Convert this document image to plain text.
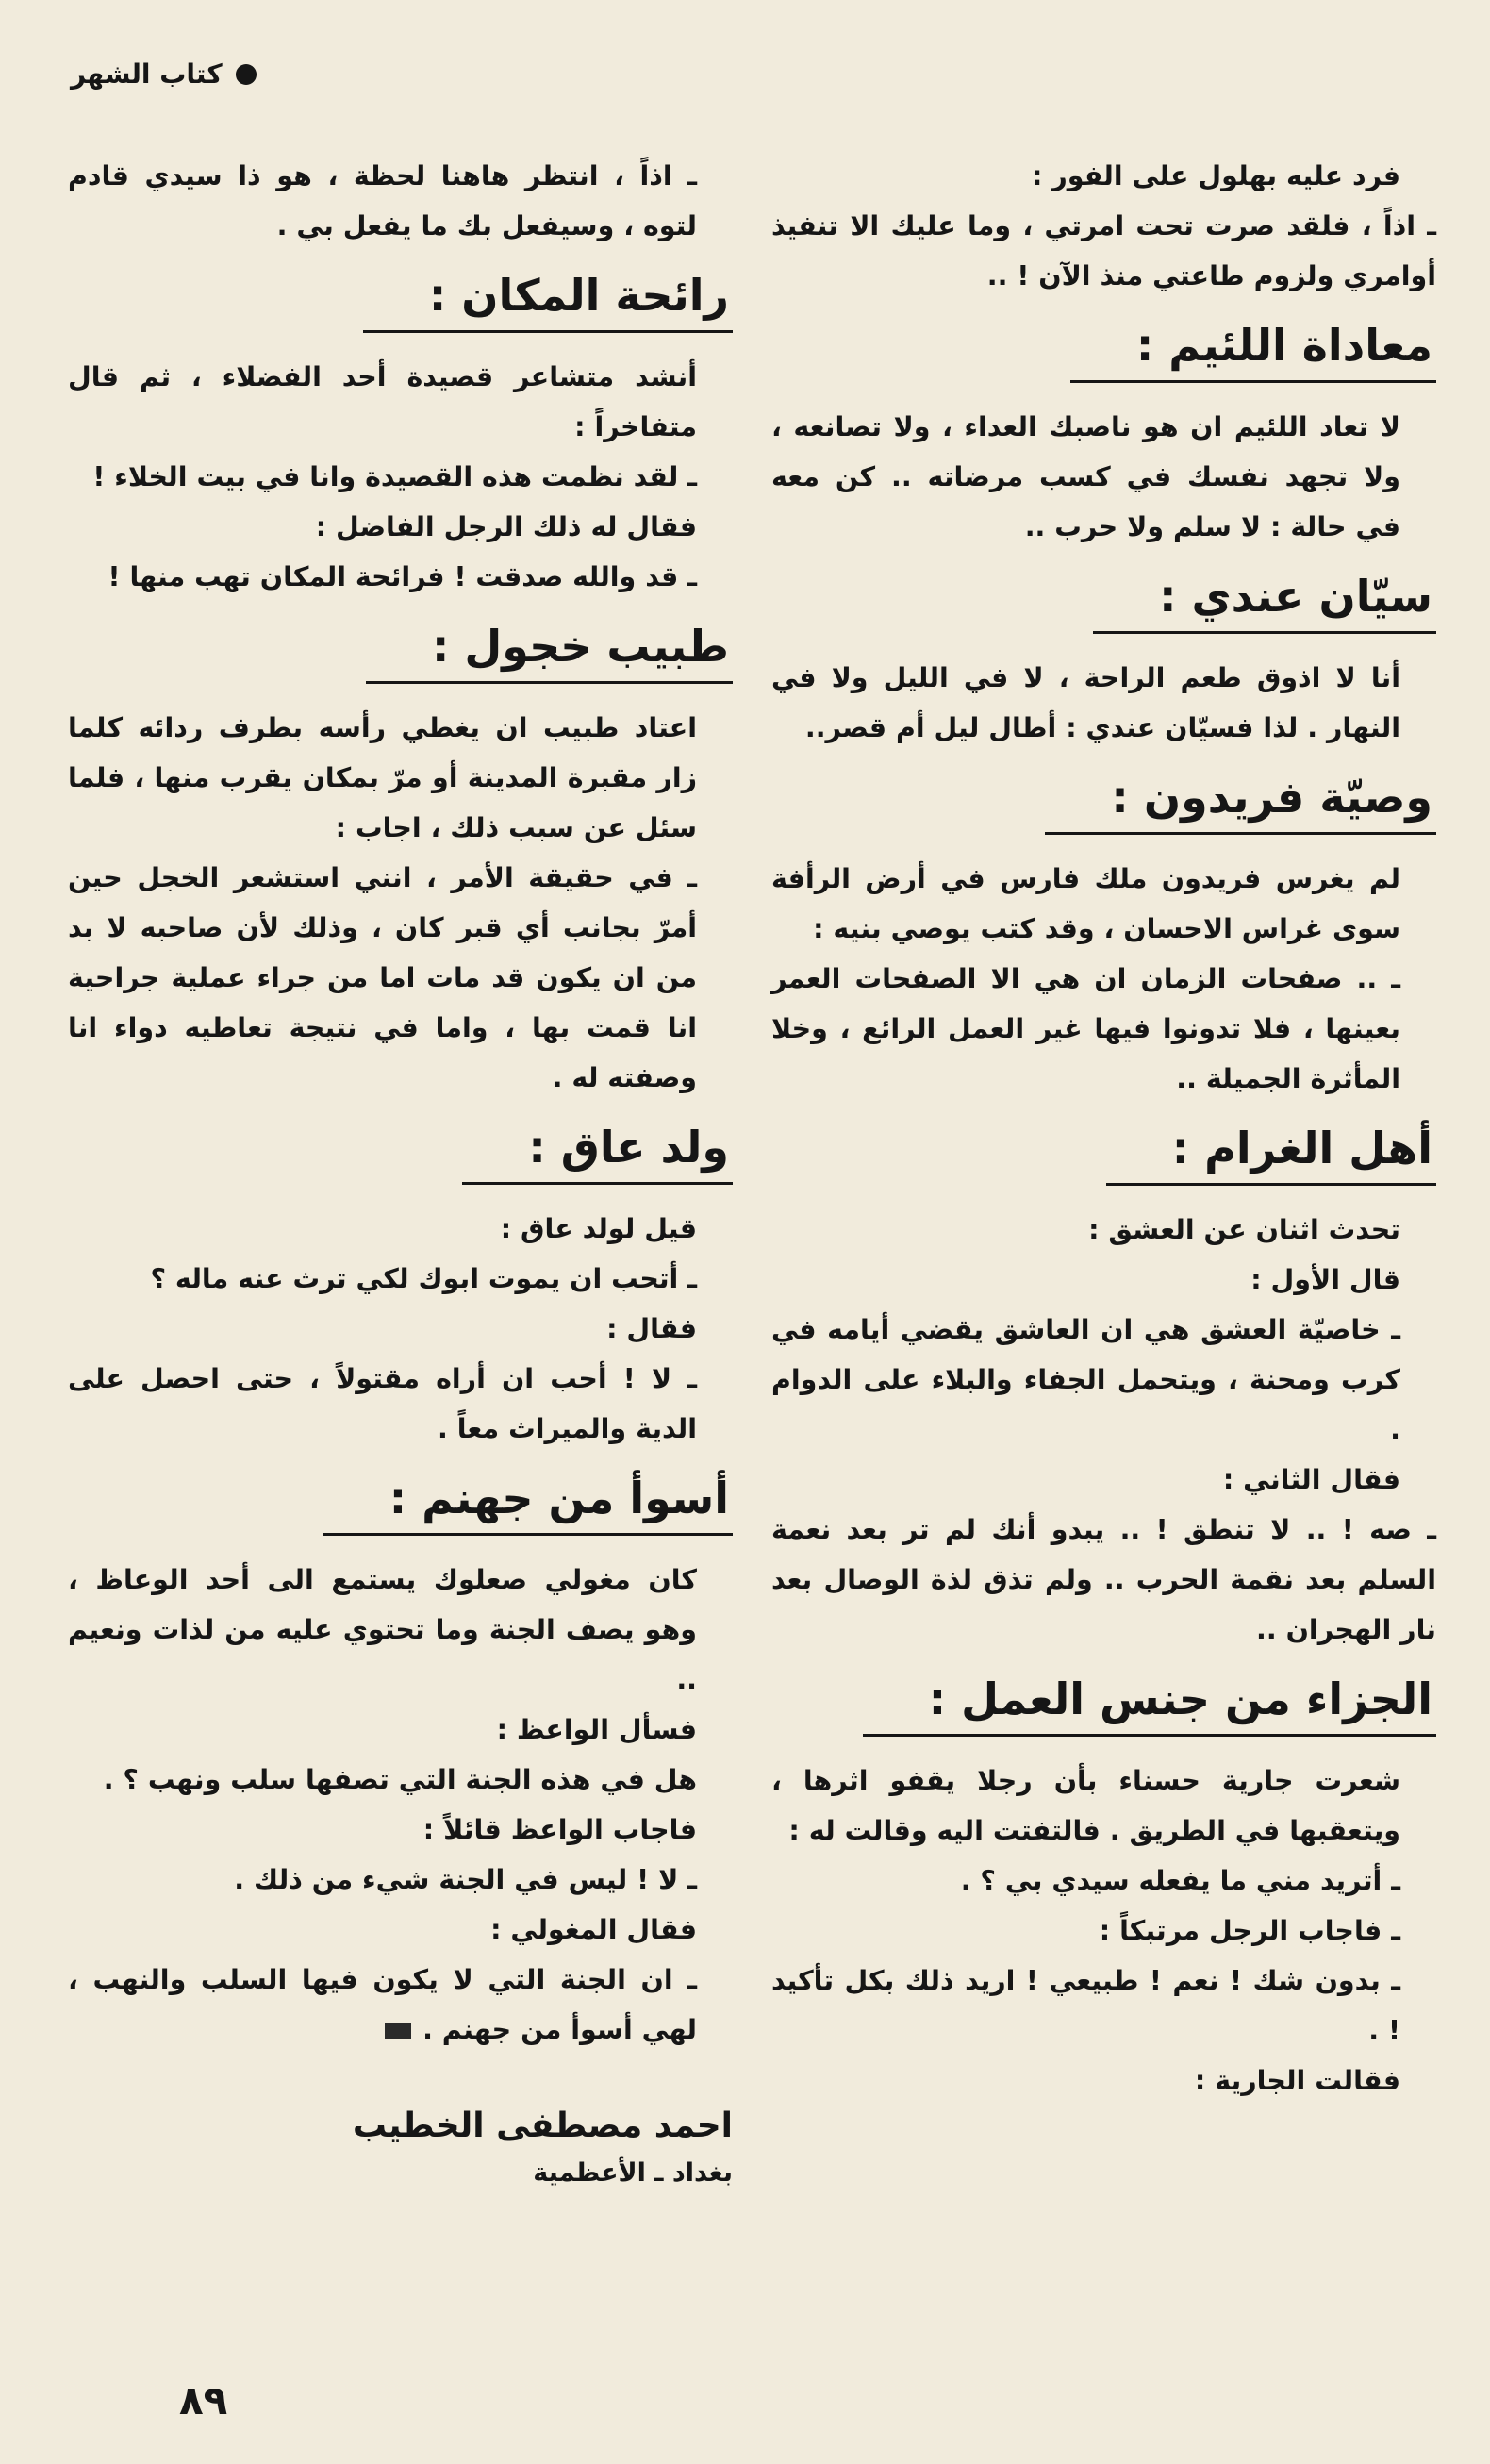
كتاب الشهر

فرد عليه بهلول على الفور :

ـ اذاً ، فلقد صرت تحت امرتي ، وما عليك الا تنفيذ أوامري ولزوم طاعتي منذ الآن ! ..

معاداة اللئيم :

لا تعاد اللئيم ان هو ناصبك العداء ، ولا تصانعه ، ولا تجهد نفسك في كسب مرضاته .. كن معه في حالة : لا سلم ولا حرب ..

سيّان عندي :

أنا لا اذوق طعم الراحة ، لا في الليل ولا في النهار . لذا فسيّان عندي : أطال ليل أم قصر..

وصيّة فريدون :

لم يغرس فريدون ملك فارس في أرض الرأفة سوى غراس الاحسان ، وقد كتب يوصي بنيه :

ـ .. صفحات الزمان ان هي الا الصفحات العمر بعينها ، فلا تدونوا فيها غير العمل الرائع ، وخلا المأثرة الجميلة ..

أهل الغرام :

تحدث اثنان عن العشق :

قال الأول :

ـ خاصيّة العشق هي ان العاشق يقضي أيامه في كرب ومحنة ، ويتحمل الجفاء والبلاء على الدوام .

فقال الثاني :

ـ صه ! .. لا تنطق ! .. يبدو أنك لم تر بعد نعمة السلم بعد نقمة الحرب .. ولم تذق لذة الوصال بعد نار الهجران ..

الجزاء من جنس العمل :

شعرت جارية حسناء بأن رجلا يقفو اثرها ، ويتعقبها في الطريق . فالتفتت اليه وقالت له :

ـ أتريد مني ما يفعله سيدي بي ؟ .

ـ فاجاب الرجل مرتبكاً :

ـ بدون شك ! نعم ! طبيعي ! اريد ذلك بكل تأكيد ! .

فقالت الجارية :

ـ اذاً ، انتظر هاهنا لحظة ، هو ذا سيدي قادم لتوه ، وسيفعل بك ما يفعل بي .

رائحة المكان :

أنشد متشاعر قصيدة أحد الفضلاء ، ثم قال متفاخراً :

ـ لقد نظمت هذه القصيدة وانا في بيت الخلاء !

فقال له ذلك الرجل الفاضل :

ـ قد والله صدقت ! فرائحة المكان تهب منها !

طبيب خجول :

اعتاد طبيب ان يغطي رأسه بطرف ردائه كلما زار مقبرة المدينة أو مرّ بمكان يقرب منها ، فلما سئل عن سبب ذلك ، اجاب :

ـ في حقيقة الأمر ، انني استشعر الخجل حين أمرّ بجانب أي قبر كان ، وذلك لأن صاحبه لا بد من ان يكون قد مات اما من جراء عملية جراحية انا قمت بها ، واما في نتيجة تعاطيه دواء انا وصفته له .

ولد عاق :

قيل لولد عاق :

ـ أتحب ان يموت ابوك لكي ترث عنه ماله ؟

فقال :

ـ لا ! أحب ان أراه مقتولاً ، حتى احصل على الدية والميراث معاً .

أسوأ من جهنم :

كان مغولي صعلوك يستمع الى أحد الوعاظ ، وهو يصف الجنة وما تحتوي عليه من لذات ونعيم ..

فسأل الواعظ :

هل في هذه الجنة التي تصفها سلب ونهب ؟ .

فاجاب الواعظ قائلاً :

ـ لا ! ليس في الجنة شيء من ذلك .

فقال المغولي :

ـ ان الجنة التي لا يكون فيها السلب والنهب ، لهي أسوأ من جهنم .

احمد مصطفى الخطيب
بغداد ـ الأعظمية
٨٩
